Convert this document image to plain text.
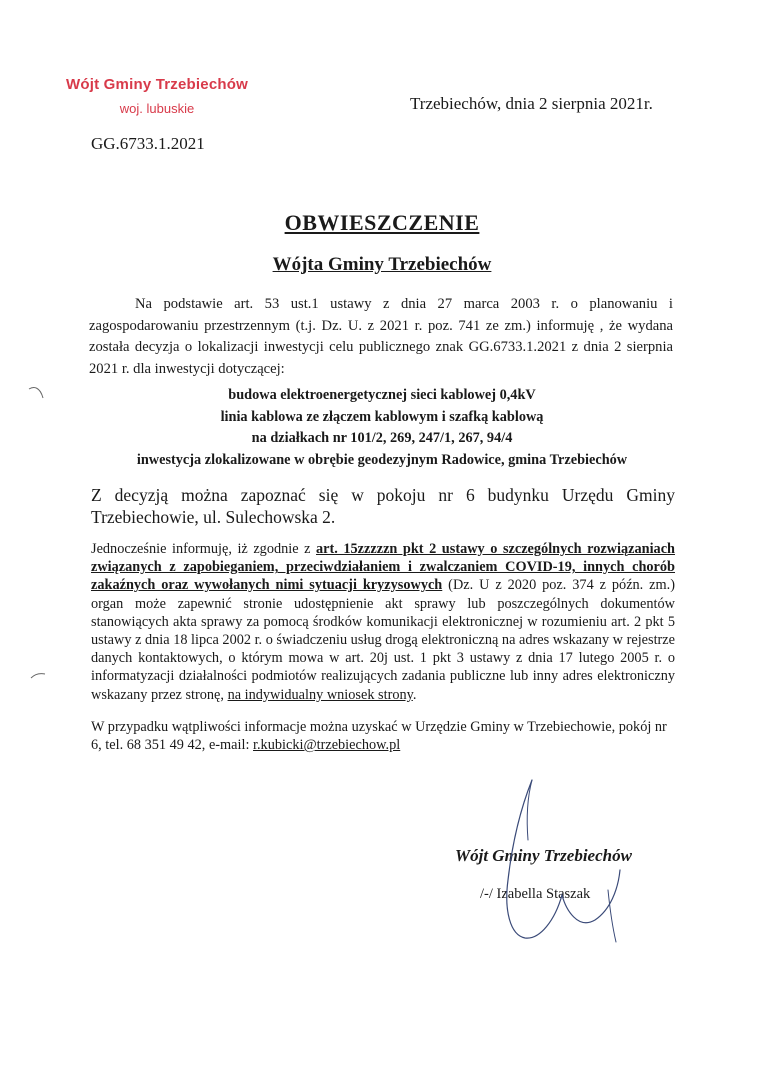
Wójt Gminy Trzebiechów
woj. lubuskie	Trzebiechów, dnia 2 sierpnia 2021r.
GG.6733.1.2021
OBWIESZCZENIE
Wójta Gminy Trzebiechów
Na podstawie art. 53 ust.1 ustawy z dnia 27 marca 2003 r. o planowaniu i zagospodarowaniu przestrzennym (t.j. Dz. U. z 2021 r. poz. 741 ze zm.) informuję , że wydana została decyzja o lokalizacji inwestycji celu publicznego znak GG.6733.1.2021 z dnia 2 sierpnia 2021 r. dla inwestycji dotyczącej:
budowa elektroenergetycznej sieci kablowej 0,4kV
linia kablowa ze złączem kablowym i szafką kablową
na działkach nr 101/2, 269, 247/1, 267, 94/4
inwestycja zlokalizowane w obrębie geodezyjnym Radowice, gmina Trzebiechów
Z decyzją można zapoznać się w pokoju nr 6 budynku Urzędu Gminy Trzebiechowie, ul. Sulechowska 2.
Jednocześnie informuję, iż zgodnie z art. 15zzzzzn pkt 2 ustawy o szczególnych rozwiązaniach związanych z zapobieganiem, przeciwdziałaniem i zwalczaniem COVID-19, innych chorób zakaźnych oraz wywołanych nimi sytuacji kryzysowych (Dz. U z 2020 poz. 374 z późn. zm.) organ może zapewnić stronie udostępnienie akt sprawy lub poszczególnych dokumentów stanowiących akta sprawy za pomocą środków komunikacji elektronicznej w rozumieniu art. 2 pkt 5 ustawy z dnia 18 lipca 2002 r. o świadczeniu usług drogą elektroniczną na adres wskazany w rejestrze danych kontaktowych, o którym mowa w art. 20j ust. 1 pkt 3 ustawy z dnia 17 lutego 2005 r. o informatyzacji działalności podmiotów realizujących zadania publiczne lub inny adres elektroniczny wskazany przez stronę, na indywidualny wniosek strony.
W przypadku wątpliwości informacje można uzyskać w Urzędzie Gminy w Trzebiechowie, pokój nr 6, tel. 68 351 49 42, e-mail: r.kubicki@trzebiechow.pl
Wójt Gminy Trzebiechów
/-/ Izabella Staszak
